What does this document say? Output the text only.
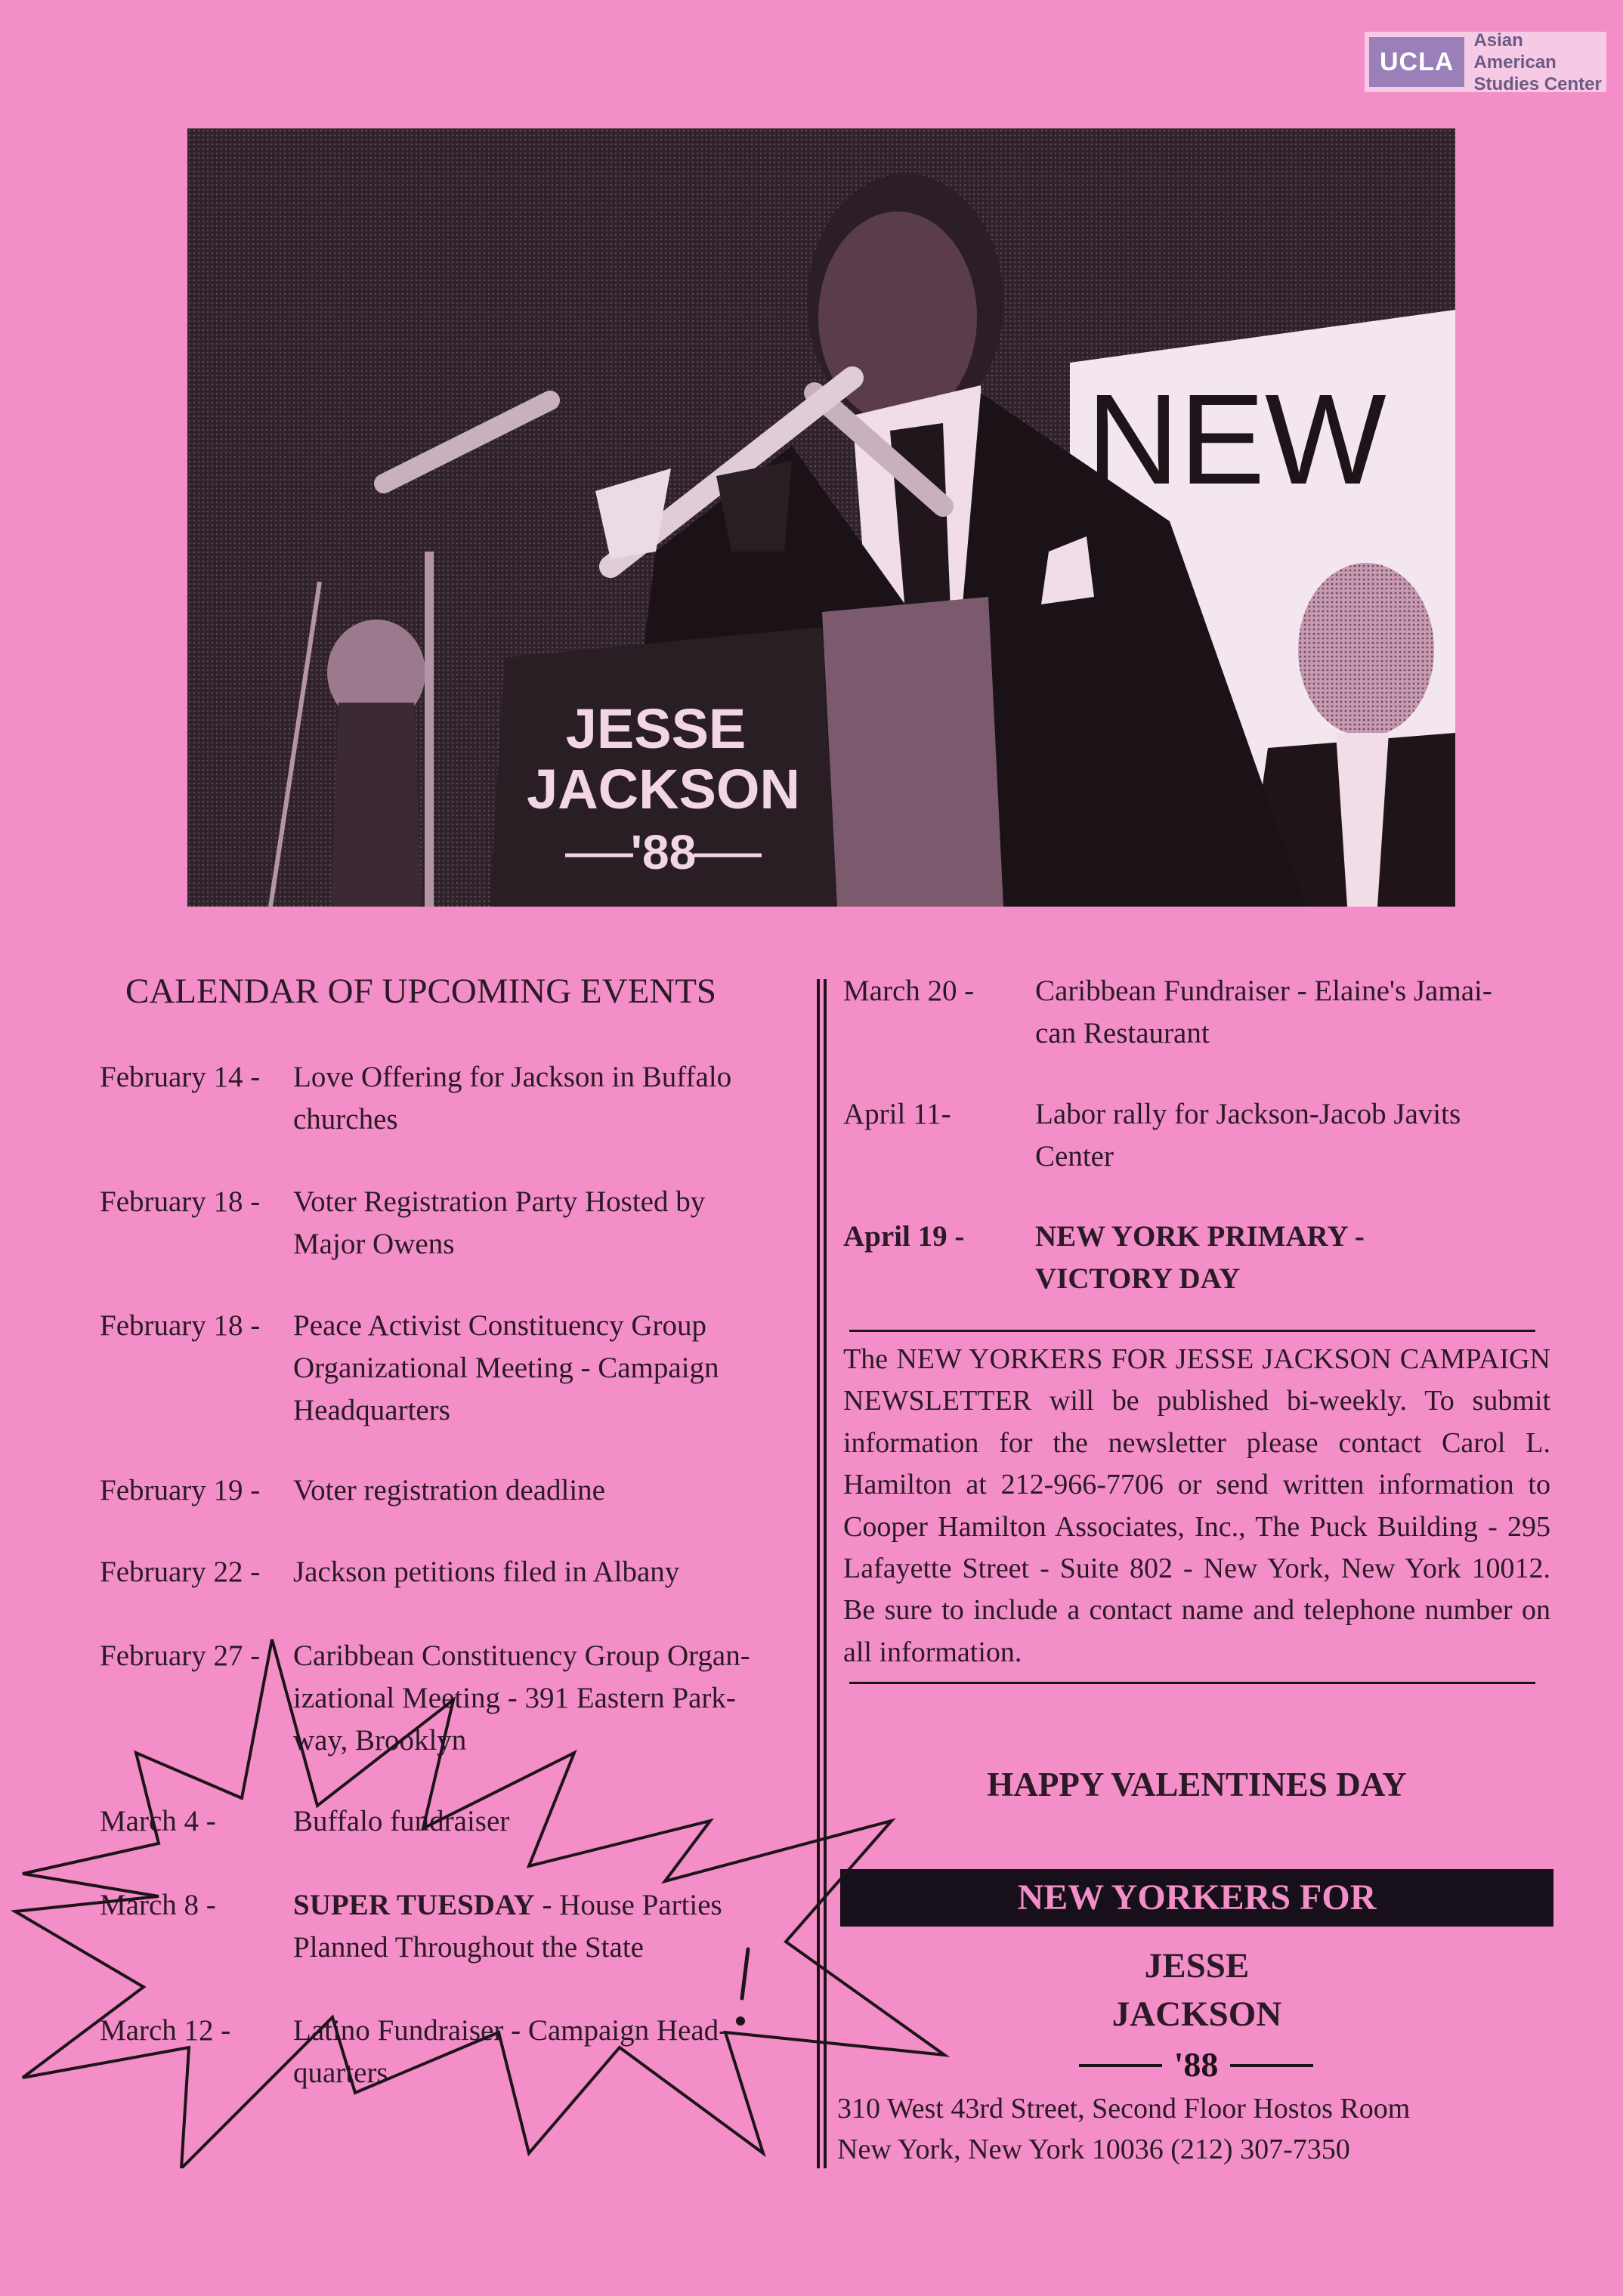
UCLA
Asian American
Studies Center
NEW
JESSE
JACKSON
'88
CALENDAR OF UPCOMING EVENTS
February 14 - Love Offering for Jackson in Buffalo
churches
February 18 - Voter Registration Party Hosted by
Major Owens
February 18 - Peace Activist Constituency Group
Organizational Meeting - Campaign
Headquarters
February 19 - Voter registration deadline
February 22 - Jackson petitions filed in Albany
February 27 - Caribbean Constituency Group Organ-
izational Meeting - 391 Eastern Park-
way, Brooklyn
March 4 -	Buffalo fundraiser
March 8 -	SUPER TUESDAY - House Parties
Planned Throughout the State
March 12 - Latino Fundraiser - Campaign Head-
quarters
March 20 - Caribbean Fundraiser - Elaine's Jamai-
can Restaurant
April 11-	Labor rally for Jackson-Jacob Javits
Center
April 19 - NEW YORK PRIMARY -
VICTORY DAY
The NEW YORKERS FOR JESSE JACKSON CAMPAIGN NEWSLETTER will be published bi-weekly. To submit information for the newsletter please contact Carol L. Hamilton at 212-966-7706 or send written information to Cooper Hamilton Associates, Inc., The Puck Building - 295 Lafayette Street - Suite 802 - New York, New York 10012. Be sure to include a contact name and telephone number on all information.
HAPPY VALENTINES DAY
NEW YORKERS FOR
JESSE
JACKSON
'88
310 West 43rd Street, Second Floor Hostos Room
New York, New York 10036 (212) 307-7350
